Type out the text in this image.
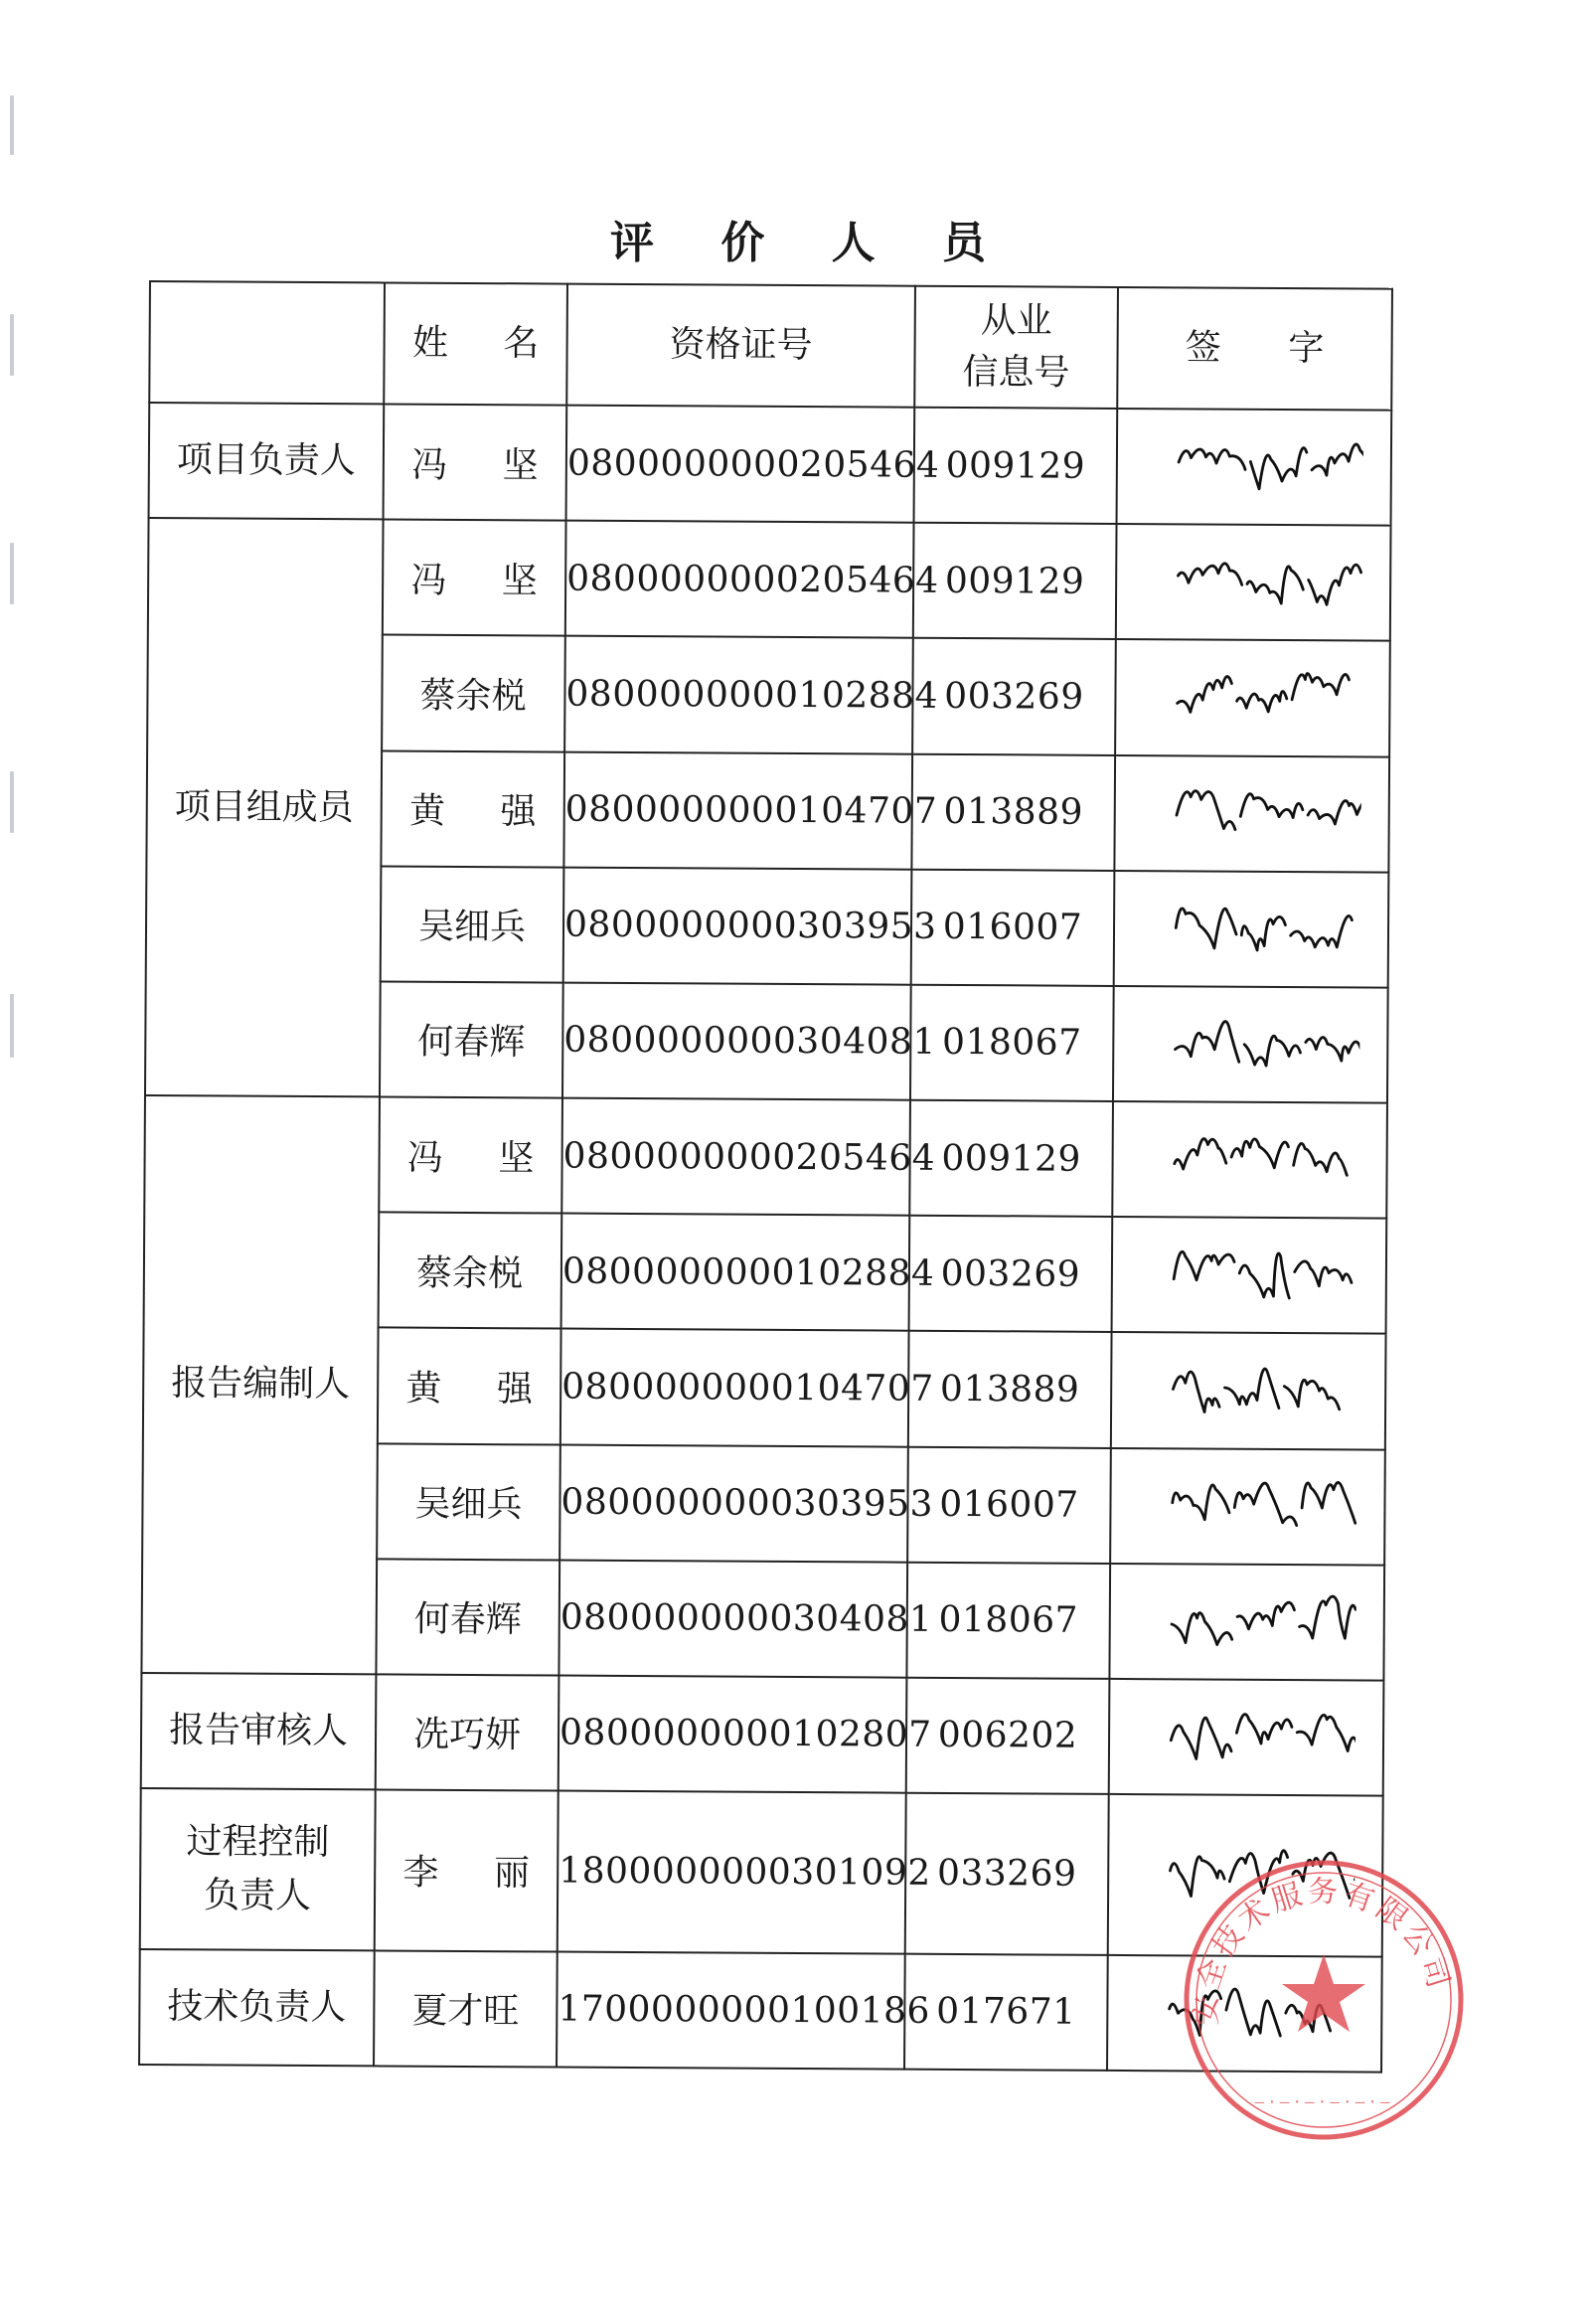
评 价 人 员
	姓 名	资格证号	从业
信息号	签 字
项目负责人	冯 坚	0800000000205464	009129	

项目组成员	冯 坚	0800000000205464	009129	

	蔡余棁	0800000000102884	003269	

	黄 强	0800000000104707	013889	

	吴细兵	0800000000303953	016007	

	何春辉	0800000000304081	018067	

报告编制人	冯 坚	0800000000205464	009129	

	蔡余棁	0800000000102884	003269	

	黄 强	0800000000104707	013889	

	吴细兵	0800000000303953	016007	

	何春辉	0800000000304081	018067	

报告审核人	冼巧妍	0800000000102807	006202	

过程控制
负责人	李 丽	1800000000301092	033269	

技术负责人	夏才旺	1700000000100186	017671		安全技术服务有限公司
—·—·—·—·—·—
